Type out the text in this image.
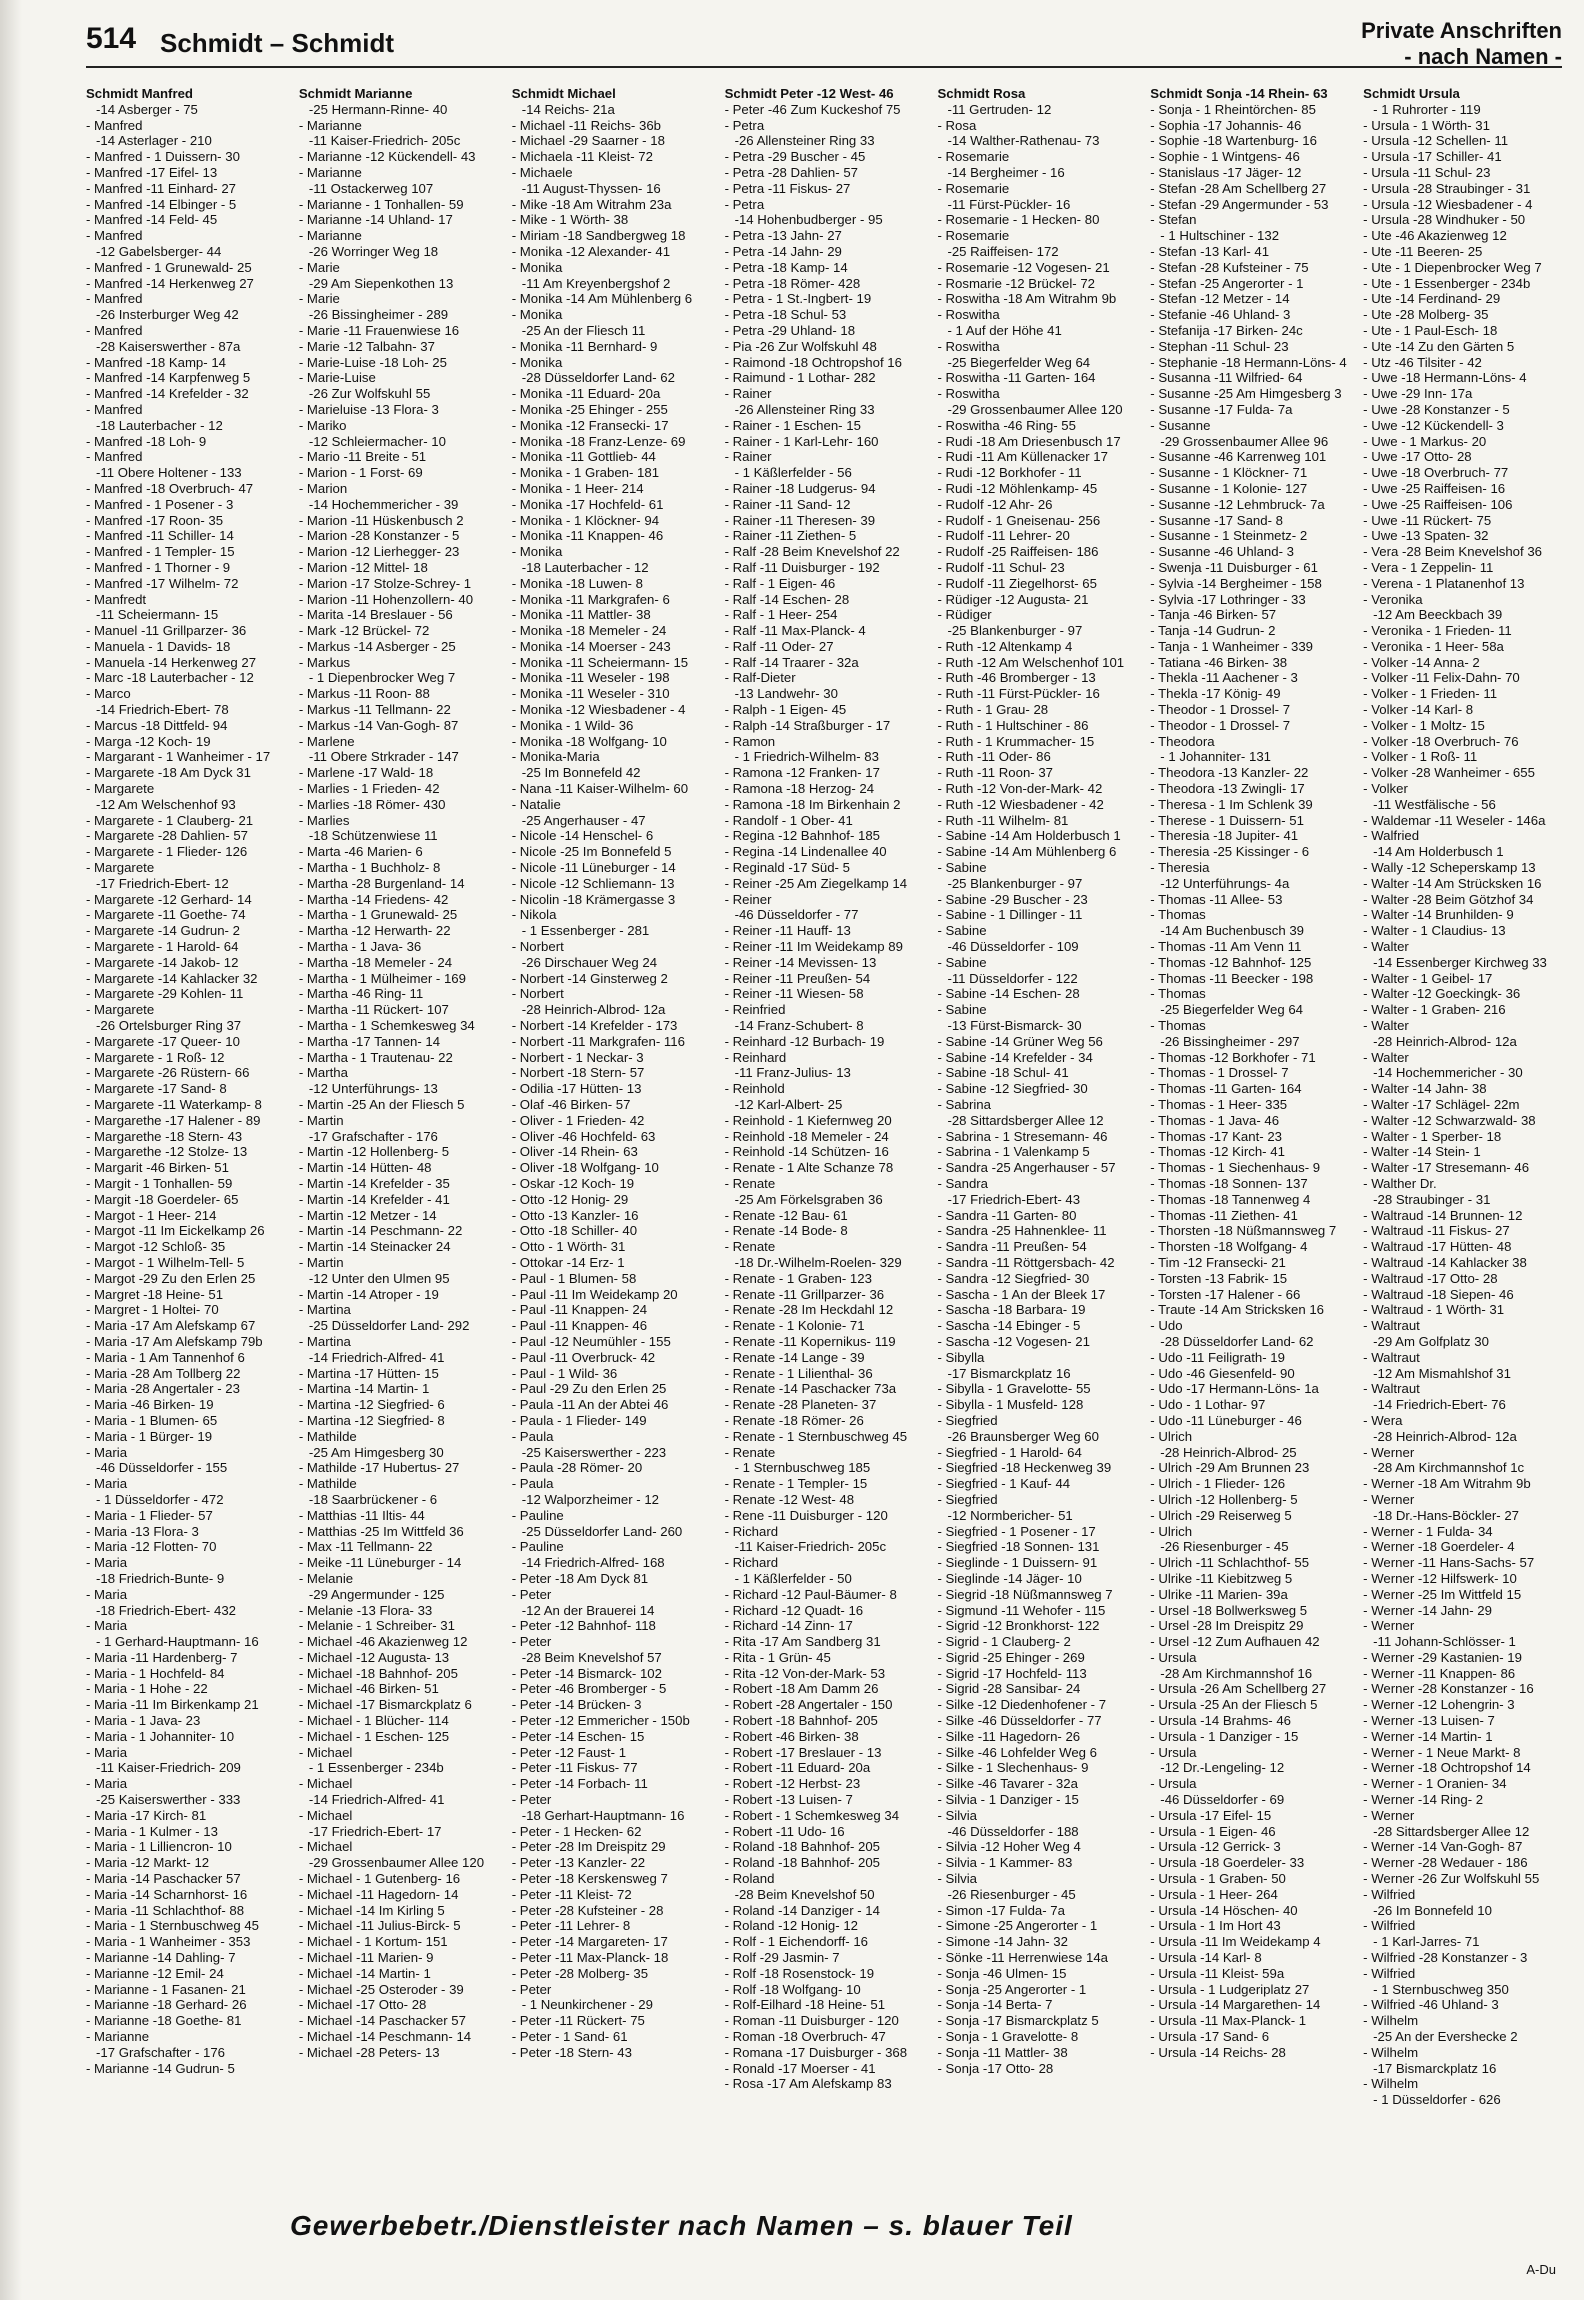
514 Schmidt – Schmidt	Private Anschriften
- nach Namen -
Schmidt Manfred
-14 Asberger - 75
- Manfred
-14 Asterlager - 210
- Manfred - 1 Duissern- 30
- Manfred -17 Eifel- 13
- Manfred -11 Einhard- 27
- Manfred -14 Elbinger - 5
- Manfred -14 Feld- 45
- Manfred
-12 Gabelsberger- 44
- Manfred - 1 Grunewald- 25
- Manfred -14 Herkenweg 27
- Manfred
-26 Insterburger Weg 42
- Manfred
-28 Kaiserswerther - 87a
- Manfred -18 Kamp- 14
- Manfred -14 Karpfenweg 5
- Manfred -14 Krefelder - 32
- Manfred
-18 Lauterbacher - 12
- Manfred -18 Loh- 9
- Manfred
-11 Obere Holtener - 133
- Manfred -18 Overbruch- 47
- Manfred - 1 Posener - 3
- Manfred -17 Roon- 35
- Manfred -11 Schiller- 14
- Manfred - 1 Templer- 15
- Manfred - 1 Thorner - 9
- Manfred -17 Wilhelm- 72
- Manfredt
-11 Scheiermann- 15
- Manuel -11 Grillparzer- 36
- Manuela - 1 Davids- 18
- Manuela -14 Herkenweg 27
- Marc -18 Lauterbacher - 12
- Marco
-14 Friedrich-Ebert- 78
- Marcus -18 Dittfeld- 94
- Marga -12 Koch- 19
- Margarant - 1 Wanheimer - 17
- Margarete -18 Am Dyck 31
- Margarete
-12 Am Welschenhof 93
- Margarete - 1 Clauberg- 21
- Margarete -28 Dahlien- 57
- Margarete - 1 Flieder- 126
- Margarete
-17 Friedrich-Ebert- 12
- Margarete -12 Gerhard- 14
- Margarete -11 Goethe- 74
- Margarete -14 Gudrun- 2
- Margarete - 1 Harold- 64
- Margarete -14 Jakob- 12
- Margarete -14 Kahlacker 32
- Margarete -29 Kohlen- 11
- Margarete
-26 Ortelsburger Ring 37
- Margarete -17 Queer- 10
- Margarete - 1 Roß- 12
- Margarete -26 Rüstern- 66
- Margarete -17 Sand- 8
- Margarete -11 Waterkamp- 8
- Margarethe -17 Halener - 89
- Margarethe -18 Stern- 43
- Margarethe -12 Stolze- 13
- Margarit -46 Birken- 51
- Margit - 1 Tonhallen- 59
- Margit -18 Goerdeler- 65
- Margot - 1 Heer- 214
- Margot -11 Im Eickelkamp 26
- Margot -12 Schloß- 35
- Margot - 1 Wilhelm-Tell- 5
- Margot -29 Zu den Erlen 25
- Margret -18 Heine- 51
- Margret - 1 Holtei- 70
- Maria -17 Am Alefskamp 67
- Maria -17 Am Alefskamp 79b
- Maria - 1 Am Tannenhof 6
- Maria -28 Am Tollberg 22
- Maria -28 Angertaler - 23
- Maria -46 Birken- 19
- Maria - 1 Blumen- 65
- Maria - 1 Bürger- 19
- Maria
-46 Düsseldorfer - 155
- Maria
- 1 Düsseldorfer - 472
- Maria - 1 Flieder- 57
- Maria -13 Flora- 3
- Maria -12 Flotten- 70
- Maria
-18 Friedrich-Bunte- 9
- Maria
-18 Friedrich-Ebert- 432
- Maria
- 1 Gerhard-Hauptmann- 16
- Maria -11 Hardenberg- 7
- Maria - 1 Hochfeld- 84
- Maria - 1 Hohe - 22
- Maria -11 Im Birkenkamp 21
- Maria - 1 Java- 23
- Maria - 1 Johanniter- 10
- Maria
-11 Kaiser-Friedrich- 209
- Maria
-25 Kaiserswerther - 333
- Maria -17 Kirch- 81
- Maria - 1 Kulmer - 13
- Maria - 1 Lilliencron- 10
- Maria -12 Markt- 12
- Maria -14 Paschacker 57
- Maria -14 Scharnhorst- 16
- Maria -11 Schlachthof- 88
- Maria - 1 Sternbuschweg 45
- Maria - 1 Wanheimer - 353
- Marianne -14 Dahling- 7
- Marianne -12 Emil- 24
- Marianne - 1 Fasanen- 21
- Marianne -18 Gerhard- 26
- Marianne -18 Goethe- 81
- Marianne
-17 Grafschafter - 176
- Marianne -14 Gudrun- 5
Schmidt Marianne
-25 Hermann-Rinne- 40
- Marianne
-11 Kaiser-Friedrich- 205c
- Marianne -12 Kückendell- 43
- Marianne
-11 Ostackerweg 107
- Marianne - 1 Tonhallen- 59
- Marianne -14 Uhland- 17
- Marianne
-26 Worringer Weg 18
- Marie
-29 Am Siepenkothen 13
- Marie
-26 Bissingheimer - 289
- Marie -11 Frauenwiese 16
- Marie -12 Talbahn- 37
- Marie-Luise -18 Loh- 25
- Marie-Luise
-26 Zur Wolfskuhl 55
- Marieluise -13 Flora- 3
- Mariko
-12 Schleiermacher- 10
- Mario -11 Breite - 51
- Marion - 1 Forst- 69
- Marion
-14 Hochemmericher - 39
- Marion -11 Hüskenbusch 2
- Marion -28 Konstanzer - 5
- Marion -12 Lierhegger- 23
- Marion -12 Mittel- 18
- Marion -17 Stolze-Schrey- 1
- Marion -11 Hohenzollern- 40
- Marita -14 Breslauer - 56
- Mark -12 Brückel- 72
- Markus -14 Asberger - 25
- Markus
- 1 Diepenbrocker Weg 7
- Markus -11 Roon- 88
- Markus -11 Tellmann- 22
- Markus -14 Van-Gogh- 87
- Marlene
-11 Obere Strkrader - 147
- Marlene -17 Wald- 18
- Marlies - 1 Frieden- 42
- Marlies -18 Römer- 430
- Marlies
-18 Schützenwiese 11
- Marta -46 Marien- 6
- Martha - 1 Buchholz- 8
- Martha -28 Burgenland- 14
- Martha -14 Friedens- 42
- Martha - 1 Grunewald- 25
- Martha -12 Herwarth- 22
- Martha - 1 Java- 36
- Martha -18 Memeler - 24
- Martha - 1 Mülheimer - 169
- Martha -46 Ring- 11
- Martha -11 Rückert- 107
- Martha - 1 Schemkesweg 34
- Martha -17 Tannen- 14
- Martha - 1 Trautenau- 22
- Martha
-12 Unterführungs- 13
- Martin -25 An der Fliesch 5
- Martin
-17 Grafschafter - 176
- Martin -12 Hollenberg- 5
- Martin -14 Hütten- 48
- Martin -14 Krefelder - 35
- Martin -14 Krefelder - 41
- Martin -12 Metzer - 14
- Martin -14 Peschmann- 22
- Martin -14 Steinacker 24
- Martin
-12 Unter den Ulmen 95
- Martin -14 Atroper - 19
- Martina
-25 Düsseldorfer Land- 292
- Martina
-14 Friedrich-Alfred- 41
- Martina -17 Hütten- 15
- Martina -14 Martin- 1
- Martina -12 Siegfried- 6
- Martina -12 Siegfried- 8
- Mathilde
-25 Am Himgesberg 30
- Mathilde -17 Hubertus- 27
- Mathilde
-18 Saarbrückener - 6
- Matthias -11 Iltis- 44
- Matthias -25 Im Wittfeld 36
- Max -11 Tellmann- 22
- Meike -11 Lüneburger - 14
- Melanie
-29 Angermunder - 125
- Melanie -13 Flora- 33
- Melanie - 1 Schreiber- 31
- Michael -46 Akazienweg 12
- Michael -12 Augusta- 13
- Michael -18 Bahnhof- 205
- Michael -46 Birken- 51
- Michael -17 Bismarckplatz 6
- Michael - 1 Blücher- 114
- Michael - 1 Eschen- 125
- Michael
- 1 Essenberger - 234b
- Michael
-14 Friedrich-Alfred- 41
- Michael
-17 Friedrich-Ebert- 17
- Michael
-29 Grossenbaumer Allee 120
- Michael - 1 Gutenberg- 16
- Michael -11 Hagedorn- 14
- Michael -14 Im Kirling 5
- Michael -11 Julius-Birck- 5
- Michael - 1 Kortum- 151
- Michael -11 Marien- 9
- Michael -14 Martin- 1
- Michael -25 Osteroder - 39
- Michael -17 Otto- 28
- Michael -14 Paschacker 57
- Michael -14 Peschmann- 14
- Michael -28 Peters- 13
Schmidt Michael
-14 Reichs- 21a
- Michael -11 Reichs- 36b
- Michael -29 Saarner - 18
- Michaela -11 Kleist- 72
- Michaele
-11 August-Thyssen- 16
- Mike -18 Am Witrahm 23a
- Mike - 1 Wörth- 38
- Miriam -18 Sandbergweg 18
- Monika -12 Alexander- 41
- Monika
-11 Am Kreyenbergshof 2
- Monika -14 Am Mühlenberg 6
- Monika
-25 An der Fliesch 11
- Monika -11 Bernhard- 9
- Monika
-28 Düsseldorfer Land- 62
- Monika -11 Eduard- 20a
- Monika -25 Ehinger - 255
- Monika -12 Fransecki- 17
- Monika -18 Franz-Lenze- 69
- Monika -11 Gottlieb- 44
- Monika - 1 Graben- 181
- Monika - 1 Heer- 214
- Monika -17 Hochfeld- 61
- Monika - 1 Klöckner- 94
- Monika -11 Knappen- 46
- Monika
-18 Lauterbacher - 12
- Monika -18 Luwen- 8
- Monika -11 Markgrafen- 6
- Monika -11 Mattler- 38
- Monika -18 Memeler - 24
- Monika -14 Moerser - 243
- Monika -11 Scheiermann- 15
- Monika -11 Weseler - 198
- Monika -11 Weseler - 310
- Monika -12 Wiesbadener - 4
- Monika - 1 Wild- 36
- Monika -18 Wolfgang- 10
- Monika-Maria
-25 Im Bonnefeld 42
- Nana -11 Kaiser-Wilhelm- 60
- Natalie
-25 Angerhauser - 47
- Nicole -14 Henschel- 6
- Nicole -25 Im Bonnefeld 5
- Nicole -11 Lüneburger - 14
- Nicole -12 Schliemann- 13
- Nicolin -18 Krämergasse 3
- Nikola
- 1 Essenberger - 281
- Norbert
-26 Dirschauer Weg 24
- Norbert -14 Ginsterweg 2
- Norbert
-28 Heinrich-Albrod- 12a
- Norbert -14 Krefelder - 173
- Norbert -11 Markgrafen- 116
- Norbert - 1 Neckar- 3
- Norbert -18 Stern- 57
- Odilia -17 Hütten- 13
- Olaf -46 Birken- 57
- Oliver - 1 Frieden- 42
- Oliver -46 Hochfeld- 63
- Oliver -14 Rhein- 63
- Oliver -18 Wolfgang- 10
- Oskar -12 Koch- 19
- Otto -12 Honig- 29
- Otto -13 Kanzler- 16
- Otto -18 Schiller- 40
- Otto - 1 Wörth- 31
- Ottokar -14 Erz- 1
- Paul - 1 Blumen- 58
- Paul -11 Im Weidekamp 20
- Paul -11 Knappen- 24
- Paul -11 Knappen- 46
- Paul -12 Neumühler - 155
- Paul -11 Overbruck- 42
- Paul - 1 Wild- 36
- Paul -29 Zu den Erlen 25
- Paula -11 An der Abtei 46
- Paula - 1 Flieder- 149
- Paula
-25 Kaiserswerther - 223
- Paula -28 Römer- 20
- Paula
-12 Walporzheimer - 12
- Pauline
-25 Düsseldorfer Land- 260
- Pauline
-14 Friedrich-Alfred- 168
- Peter -18 Am Dyck 81
- Peter
-12 An der Brauerei 14
- Peter -12 Bahnhof- 118
- Peter
-28 Beim Knevelshof 57
- Peter -14 Bismarck- 102
- Peter -46 Bromberger - 5
- Peter -14 Brücken- 3
- Peter -12 Emmericher - 150b
- Peter -14 Eschen- 15
- Peter -12 Faust- 1
- Peter -11 Fiskus- 77
- Peter -14 Forbach- 11
- Peter
-18 Gerhart-Hauptmann- 16
- Peter - 1 Hecken- 62
- Peter -28 Im Dreispitz 29
- Peter -13 Kanzler- 22
- Peter -18 Kerskensweg 7
- Peter -11 Kleist- 72
- Peter -28 Kufsteiner - 28
- Peter -11 Lehrer- 8
- Peter -14 Margareten- 17
- Peter -11 Max-Planck- 18
- Peter -28 Molberg- 35
- Peter
- 1 Neunkirchener - 29
- Peter -11 Rückert- 75
- Peter - 1 Sand- 61
- Peter -18 Stern- 43
Schmidt Peter -12 West- 46
- Peter -46 Zum Kuckeshof 75
- Petra
-26 Allensteiner Ring 33
- Petra -29 Buscher - 45
- Petra -28 Dahlien- 57
- Petra -11 Fiskus- 27
- Petra
-14 Hohenbudberger - 95
- Petra -13 Jahn- 27
- Petra -14 Jahn- 29
- Petra -18 Kamp- 14
- Petra -18 Römer- 428
- Petra - 1 St.-Ingbert- 19
- Petra -18 Schul- 53
- Petra -29 Uhland- 18
- Pia -26 Zur Wolfskuhl 48
- Raimond -18 Ochtropshof 16
- Raimund - 1 Lothar- 282
- Rainer
-26 Allensteiner Ring 33
- Rainer - 1 Eschen- 15
- Rainer - 1 Karl-Lehr- 160
- Rainer
- 1 Käßlerfelder - 56
- Rainer -18 Ludgerus- 94
- Rainer -11 Sand- 12
- Rainer -11 Theresen- 39
- Rainer -11 Ziethen- 5
- Ralf -28 Beim Knevelshof 22
- Ralf -11 Duisburger - 192
- Ralf - 1 Eigen- 46
- Ralf -14 Eschen- 28
- Ralf - 1 Heer- 254
- Ralf -11 Max-Planck- 4
- Ralf -11 Oder- 27
- Ralf -14 Traarer - 32a
- Ralf-Dieter
-13 Landwehr- 30
- Ralph - 1 Eigen- 45
- Ralph -14 Straßburger - 17
- Ramon
- 1 Friedrich-Wilhelm- 83
- Ramona -12 Franken- 17
- Ramona -18 Herzog- 24
- Ramona -18 Im Birkenhain 2
- Randolf - 1 Ober- 41
- Regina -12 Bahnhof- 185
- Regina -14 Lindenallee 40
- Reginald -17 Süd- 5
- Reiner -25 Am Ziegelkamp 14
- Reiner
-46 Düsseldorfer - 77
- Reiner -11 Hauff- 13
- Reiner -11 Im Weidekamp 89
- Reiner -14 Mevissen- 13
- Reiner -11 Preußen- 54
- Reiner -11 Wiesen- 58
- Reinfried
-14 Franz-Schubert- 8
- Reinhard -12 Burbach- 19
- Reinhard
-11 Franz-Julius- 13
- Reinhold
-12 Karl-Albert- 25
- Reinhold - 1 Kiefernweg 20
- Reinhold -18 Memeler - 24
- Reinhold -14 Schützen- 16
- Renate - 1 Alte Schanze 78
- Renate
-25 Am Förkelsgraben 36
- Renate -12 Bau- 61
- Renate -14 Bode- 8
- Renate
-18 Dr.-Wilhelm-Roelen- 329
- Renate - 1 Graben- 123
- Renate -11 Grillparzer- 36
- Renate -28 Im Heckdahl 12
- Renate - 1 Kolonie- 71
- Renate -11 Kopernikus- 119
- Renate -14 Lange - 39
- Renate - 1 Lilienthal- 36
- Renate -14 Paschacker 73a
- Renate -28 Planeten- 37
- Renate -18 Römer- 26
- Renate - 1 Sternbuschweg 45
- Renate
- 1 Sternbuschweg 185
- Renate - 1 Templer- 15
- Renate -12 West- 48
- Rene -11 Duisburger - 120
- Richard
-11 Kaiser-Friedrich- 205c
- Richard
- 1 Käßlerfelder - 50
- Richard -12 Paul-Bäumer- 8
- Richard -12 Quadt- 16
- Richard -14 Zinn- 17
- Rita -17 Am Sandberg 31
- Rita - 1 Grün- 45
- Rita -12 Von-der-Mark- 53
- Robert -18 Am Damm 26
- Robert -28 Angertaler - 150
- Robert -18 Bahnhof- 205
- Robert -46 Birken- 38
- Robert -17 Breslauer - 13
- Robert -11 Eduard- 20a
- Robert -12 Herbst- 23
- Robert -13 Luisen- 7
- Robert - 1 Schemkesweg 34
- Robert -11 Udo- 16
- Roland -18 Bahnhof- 205
- Roland -18 Bahnhof- 205
- Roland
-28 Beim Knevelshof 50
- Roland -14 Danziger - 14
- Roland -12 Honig- 12
- Rolf - 1 Eichendorff- 16
- Rolf -29 Jasmin- 7
- Rolf -18 Rosenstock- 19
- Rolf -18 Wolfgang- 10
- Rolf-Eilhard -18 Heine- 51
- Roman -11 Duisburger - 120
- Roman -18 Overbruch- 47
- Romana -17 Duisburger - 368
- Ronald -17 Moerser - 41
- Rosa -17 Am Alefskamp 83
Schmidt Rosa
-11 Gertruden- 12
- Rosa
-14 Walther-Rathenau- 73
- Rosemarie
-14 Bergheimer - 16
- Rosemarie
-11 Fürst-Pückler- 16
- Rosemarie - 1 Hecken- 80
- Rosemarie
-25 Raiffeisen- 172
- Rosemarie -12 Vogesen- 21
- Rosmarie -12 Brückel- 72
- Roswitha -18 Am Witrahm 9b
- Roswitha
- 1 Auf der Höhe 41
- Roswitha
-25 Biegerfelder Weg 64
- Roswitha -11 Garten- 164
- Roswitha
-29 Grossenbaumer Allee 120
- Roswitha -46 Ring- 55
- Rudi -18 Am Driesenbusch 17
- Rudi -11 Am Küllenacker 17
- Rudi -12 Borkhofer - 11
- Rudi -12 Möhlenkamp- 45
- Rudolf -12 Ahr- 26
- Rudolf - 1 Gneisenau- 256
- Rudolf -11 Lehrer- 20
- Rudolf -25 Raiffeisen- 186
- Rudolf -11 Schul- 23
- Rudolf -11 Ziegelhorst- 65
- Rüdiger -12 Augusta- 21
- Rüdiger
-25 Blankenburger - 97
- Ruth -12 Altenkamp 4
- Ruth -12 Am Welschenhof 101
- Ruth -46 Bromberger - 13
- Ruth -11 Fürst-Pückler- 16
- Ruth - 1 Grau- 28
- Ruth - 1 Hultschiner - 86
- Ruth - 1 Krummacher- 15
- Ruth -11 Oder- 86
- Ruth -11 Roon- 37
- Ruth -12 Von-der-Mark- 42
- Ruth -12 Wiesbadener - 42
- Ruth -11 Wilhelm- 81
- Sabine -14 Am Holderbusch 1
- Sabine -14 Am Mühlenberg 6
- Sabine
-25 Blankenburger - 97
- Sabine -29 Buscher - 23
- Sabine - 1 Dillinger - 11
- Sabine
-46 Düsseldorfer - 109
- Sabine
-11 Düsseldorfer - 122
- Sabine -14 Eschen- 28
- Sabine
-13 Fürst-Bismarck- 30
- Sabine -14 Grüner Weg 56
- Sabine -14 Krefelder - 34
- Sabine -18 Schul- 41
- Sabine -12 Siegfried- 30
- Sabrina
-28 Sittardsberger Allee 12
- Sabrina - 1 Stresemann- 46
- Sabrina - 1 Valenkamp 5
- Sandra -25 Angerhauser - 57
- Sandra
-17 Friedrich-Ebert- 43
- Sandra -11 Garten- 80
- Sandra -25 Hahnenklee- 11
- Sandra -11 Preußen- 54
- Sandra -11 Röttgersbach- 42
- Sandra -12 Siegfried- 30
- Sascha - 1 An der Bleek 17
- Sascha -18 Barbara- 19
- Sascha -14 Ebinger - 5
- Sascha -12 Vogesen- 21
- Sibylla
-17 Bismarckplatz 16
- Sibylla - 1 Gravelotte- 55
- Sibylla - 1 Musfeld- 128
- Siegfried
-26 Braunsberger Weg 60
- Siegfried - 1 Harold- 64
- Siegfried -18 Heckenweg 39
- Siegfried - 1 Kauf- 44
- Siegfried
-12 Normbericher- 51
- Siegfried - 1 Posener - 17
- Siegfried -18 Sonnen- 131
- Sieglinde - 1 Duissern- 91
- Sieglinde -14 Jäger- 10
- Siegrid -18 Nüßmannsweg 7
- Sigmund -11 Wehofer - 115
- Sigrid -12 Bronkhorst- 122
- Sigrid - 1 Clauberg- 2
- Sigrid -25 Ehinger - 269
- Sigrid -17 Hochfeld- 113
- Sigrid -28 Sansibar- 24
- Silke -12 Diedenhofener - 7
- Silke -46 Düsseldorfer - 77
- Silke -11 Hagedorn- 26
- Silke -46 Lohfelder Weg 6
- Silke - 1 Slechenhaus- 9
- Silke -46 Tavarer - 32a
- Silvia - 1 Danziger - 15
- Silvia
-46 Düsseldorfer - 188
- Silvia -12 Hoher Weg 4
- Silvia - 1 Kammer- 83
- Silvia
-26 Riesenburger - 45
- Simon -17 Fulda- 7a
- Simone -25 Angerorter - 1
- Simone -14 Jahn- 32
- Sönke -11 Herrenwiese 14a
- Sonja -46 Ulmen- 15
- Sonja -25 Angerorter - 1
- Sonja -14 Berta- 7
- Sonja -17 Bismarckplatz 5
- Sonja - 1 Gravelotte- 8
- Sonja -11 Mattler- 38
- Sonja -17 Otto- 28
Schmidt Sonja -14 Rhein- 63
- Sonja - 1 Rheintörchen- 85
- Sophia -17 Johannis- 46
- Sophie -18 Wartenburg- 16
- Sophie - 1 Wintgens- 46
- Stanislaus -17 Jäger- 12
- Stefan -28 Am Schellberg 27
- Stefan -29 Angermunder - 53
- Stefan
- 1 Hultschiner - 132
- Stefan -13 Karl- 41
- Stefan -28 Kufsteiner - 75
- Stefan -25 Angerorter - 1
- Stefan -12 Metzer - 14
- Stefanie -46 Uhland- 3
- Stefanija -17 Birken- 24c
- Stephan -11 Schul- 23
- Stephanie -18 Hermann-Löns- 4
- Susanna -11 Wilfried- 64
- Susanne -25 Am Himgesberg 3
- Susanne -17 Fulda- 7a
- Susanne
-29 Grossenbaumer Allee 96
- Susanne -46 Karrenweg 101
- Susanne - 1 Klöckner- 71
- Susanne - 1 Kolonie- 127
- Susanne -12 Lehmbruck- 7a
- Susanne -17 Sand- 8
- Susanne - 1 Steinmetz- 2
- Susanne -46 Uhland- 3
- Swenja -11 Duisburger - 61
- Sylvia -14 Bergheimer - 158
- Sylvia -17 Lothringer - 33
- Tanja -46 Birken- 57
- Tanja -14 Gudrun- 2
- Tanja - 1 Wanheimer - 339
- Tatiana -46 Birken- 38
- Thekla -11 Aachener - 3
- Thekla -17 König- 49
- Theodor - 1 Drossel- 7
- Theodor - 1 Drossel- 7
- Theodora
- 1 Johanniter- 131
- Theodora -13 Kanzler- 22
- Theodora -13 Zwingli- 17
- Theresa - 1 Im Schlenk 39
- Therese - 1 Duissern- 51
- Theresia -18 Jupiter- 41
- Theresia -25 Kissinger - 6
- Theresia
-12 Unterführungs- 4a
- Thomas -11 Allee- 53
- Thomas
-14 Am Buchenbusch 39
- Thomas -11 Am Venn 11
- Thomas -12 Bahnhof- 125
- Thomas -11 Beecker - 198
- Thomas
-25 Biegerfelder Weg 64
- Thomas
-26 Bissingheimer - 297
- Thomas -12 Borkhofer - 71
- Thomas - 1 Drossel- 7
- Thomas -11 Garten- 164
- Thomas - 1 Heer- 335
- Thomas - 1 Java- 46
- Thomas -17 Kant- 23
- Thomas -12 Kirch- 41
- Thomas - 1 Siechenhaus- 9
- Thomas -18 Sonnen- 137
- Thomas -18 Tannenweg 4
- Thomas -11 Ziethen- 41
- Thorsten -18 Nüßmannsweg 7
- Thorsten -18 Wolfgang- 4
- Tim -12 Fransecki- 21
- Torsten -13 Fabrik- 15
- Torsten -17 Halener - 66
- Traute -14 Am Stricksken 16
- Udo
-28 Düsseldorfer Land- 62
- Udo -11 Feiligrath- 19
- Udo -46 Giesenfeld- 90
- Udo -17 Hermann-Löns- 1a
- Udo - 1 Lothar- 97
- Udo -11 Lüneburger - 46
- Ulrich
-28 Heinrich-Albrod- 25
- Ulrich -29 Am Brunnen 23
- Ulrich - 1 Flieder- 126
- Ulrich -12 Hollenberg- 5
- Ulrich -29 Reiserweg 5
- Ulrich
-26 Riesenburger - 45
- Ulrich -11 Schlachthof- 55
- Ulrike -11 Kiebitzweg 5
- Ulrike -11 Marien- 39a
- Ursel -18 Bollwerksweg 5
- Ursel -28 Im Dreispitz 29
- Ursel -12 Zum Aufhauen 42
- Ursula
-28 Am Kirchmannshof 16
- Ursula -26 Am Schellberg 27
- Ursula -25 An der Fliesch 5
- Ursula -14 Brahms- 46
- Ursula - 1 Danziger - 15
- Ursula
-12 Dr.-Lengeling- 12
- Ursula
-46 Düsseldorfer - 69
- Ursula -17 Eifel- 15
- Ursula - 1 Eigen- 46
- Ursula -12 Gerrick- 3
- Ursula -18 Goerdeler- 33
- Ursula - 1 Graben- 50
- Ursula - 1 Heer- 264
- Ursula -14 Höschen- 40
- Ursula - 1 Im Hort 43
- Ursula -11 Im Weidekamp 4
- Ursula -14 Karl- 8
- Ursula -11 Kleist- 59a
- Ursula - 1 Ludgeriplatz 27
- Ursula -14 Margarethen- 14
- Ursula -11 Max-Planck- 1
- Ursula -17 Sand- 6
- Ursula -14 Reichs- 28
Schmidt Ursula
- 1 Ruhrorter - 119
- Ursula - 1 Wörth- 31
- Ursula -12 Schellen- 11
- Ursula -17 Schiller- 41
- Ursula -11 Schul- 23
- Ursula -28 Straubinger - 31
- Ursula -12 Wiesbadener - 4
- Ursula -28 Windhuker - 50
- Ute -46 Akazienweg 12
- Ute -11 Beeren- 25
- Ute - 1 Diepenbrocker Weg 7
- Ute - 1 Essenberger - 234b
- Ute -14 Ferdinand- 29
- Ute -28 Molberg- 35
- Ute - 1 Paul-Esch- 18
- Ute -14 Zu den Gärten 5
- Utz -46 Tilsiter - 42
- Uwe -18 Hermann-Löns- 4
- Uwe -29 Inn- 17a
- Uwe -28 Konstanzer - 5
- Uwe -12 Kückendell- 3
- Uwe - 1 Markus- 20
- Uwe -17 Otto- 28
- Uwe -18 Overbruch- 77
- Uwe -25 Raiffeisen- 16
- Uwe -25 Raiffeisen- 106
- Uwe -11 Rückert- 75
- Uwe -13 Spaten- 32
- Vera -28 Beim Knevelshof 36
- Vera - 1 Zeppelin- 11
- Verena - 1 Platanenhof 13
- Veronika
-12 Am Beeckbach 39
- Veronika - 1 Frieden- 11
- Veronika - 1 Heer- 58a
- Volker -14 Anna- 2
- Volker -11 Felix-Dahn- 70
- Volker - 1 Frieden- 11
- Volker -14 Karl- 8
- Volker - 1 Moltz- 15
- Volker -18 Overbruch- 76
- Volker - 1 Roß- 11
- Volker -28 Wanheimer - 655
- Volker
-11 Westfälische - 56
- Waldemar -11 Weseler - 146a
- Walfried
-14 Am Holderbusch 1
- Wally -12 Scheperskamp 13
- Walter -14 Am Strücksken 16
- Walter -28 Beim Götzhof 34
- Walter -14 Brunhilden- 9
- Walter - 1 Claudius- 13
- Walter
-14 Essenberger Kirchweg 33
- Walter - 1 Geibel- 17
- Walter -12 Goeckingk- 36
- Walter - 1 Graben- 216
- Walter
-28 Heinrich-Albrod- 12a
- Walter
-14 Hochemmericher - 30
- Walter -14 Jahn- 38
- Walter -17 Schlägel- 22m
- Walter -12 Schwarzwald- 38
- Walter - 1 Sperber- 18
- Walter -14 Stein- 1
- Walter -17 Stresemann- 46
- Walther Dr.
-28 Straubinger - 31
- Waltraud -14 Brunnen- 12
- Waltraud -11 Fiskus- 27
- Waltraud -17 Hütten- 48
- Waltraud -14 Kahlacker 38
- Waltraud -17 Otto- 28
- Waltraud -18 Siepen- 46
- Waltraud - 1 Wörth- 31
- Waltraut
-29 Am Golfplatz 30
- Waltraut
-12 Am Mismahlshof 31
- Waltraut
-14 Friedrich-Ebert- 76
- Wera
-28 Heinrich-Albrod- 12a
- Werner
-28 Am Kirchmannshof 1c
- Werner -18 Am Witrahm 9b
- Werner
-18 Dr.-Hans-Böckler- 27
- Werner - 1 Fulda- 34
- Werner -18 Goerdeler- 4
- Werner -11 Hans-Sachs- 57
- Werner -12 Hilfswerk- 10
- Werner -25 Im Wittfeld 15
- Werner -14 Jahn- 29
- Werner
-11 Johann-Schlösser- 1
- Werner -29 Kastanien- 19
- Werner -11 Knappen- 86
- Werner -28 Konstanzer - 16
- Werner -12 Lohengrin- 3
- Werner -13 Luisen- 7
- Werner -14 Martin- 1
- Werner - 1 Neue Markt- 8
- Werner -18 Ochtropshof 14
- Werner - 1 Oranien- 34
- Werner -14 Ring- 2
- Werner
-28 Sittardsberger Allee 12
- Werner -14 Van-Gogh- 87
- Werner -28 Wedauer - 186
- Werner -26 Zur Wolfskuhl 55
- Wilfried
-26 Im Bonnefeld 10
- Wilfried
- 1 Karl-Jarres- 71
- Wilfried -28 Konstanzer - 3
- Wilfried
- 1 Sternbuschweg 350
- Wilfried -46 Uhland- 3
- Wilhelm
-25 An der Evershecke 2
- Wilhelm
-17 Bismarckplatz 16
- Wilhelm
- 1 Düsseldorfer - 626
Gewerbebetr./Dienstleister nach Namen – s. blauer Teil
A-Du
